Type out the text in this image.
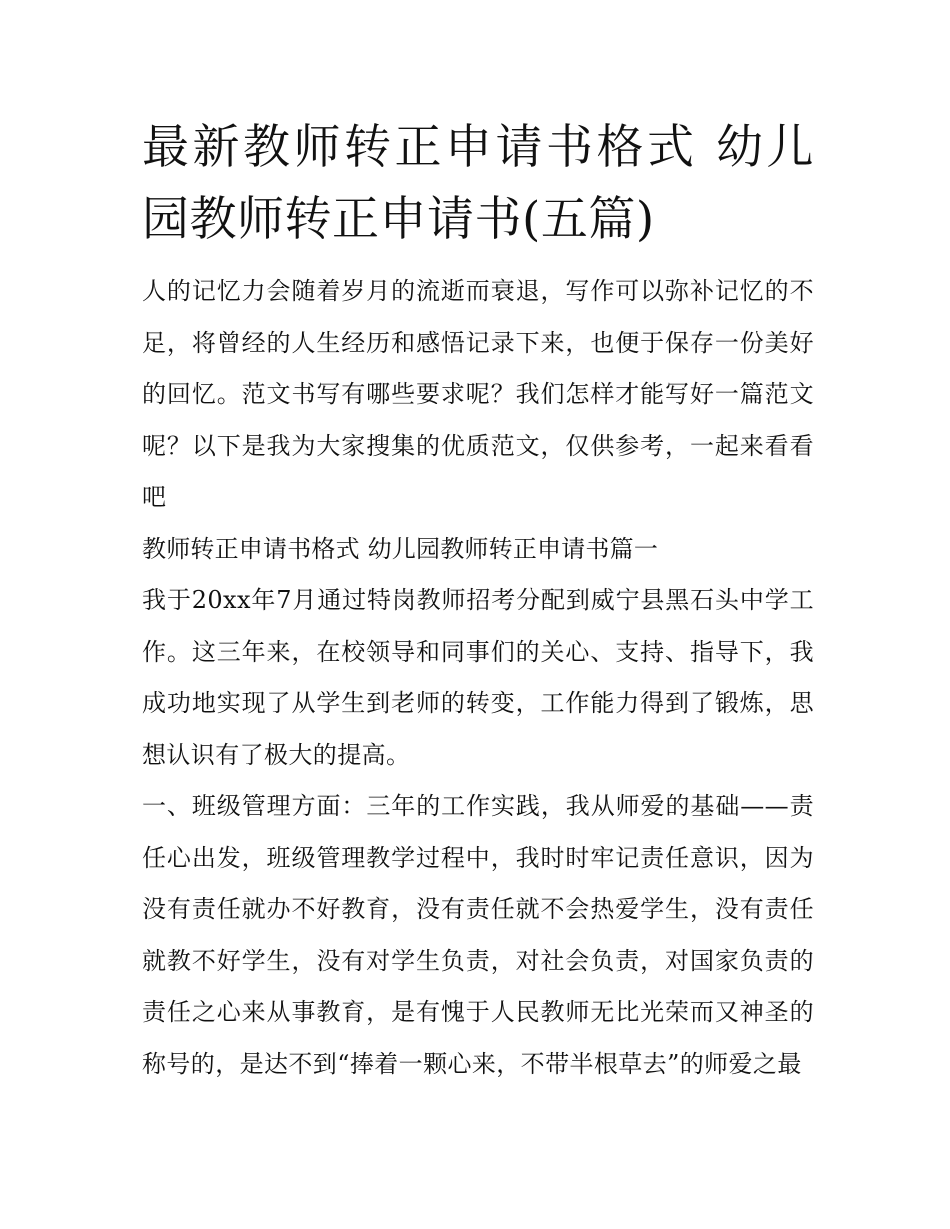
最新教师转正申请书格式 幼儿园教师转正申请书(五篇)

人的记忆力会随着岁月的流逝而衰退，写作可以弥补记忆的不足，将曾经的人生经历和感悟记录下来，也便于保存一份美好的回忆。范文书写有哪些要求呢？我们怎样才能写好一篇范文呢？以下是我为大家搜集的优质范文，仅供参考，一起来看看吧

教师转正申请书格式 幼儿园教师转正申请书篇一

我于20xx年7月通过特岗教师招考分配到威宁县黑石头中学工作。这三年来，在校领导和同事们的关心、支持、指导下，我成功地实现了从学生到老师的转变，工作能力得到了锻炼，思想认识有了极大的提高。

一、班级管理方面：三年的工作实践，我从师爱的基础——责任心出发，班级管理教学过程中，我时时牢记责任意识，因为没有责任就办不好教育，没有责任就不会热爱学生，没有责任就教不好学生，没有对学生负责，对社会负责，对国家负责的责任之心来从事教育，是有愧于人民教师无比光荣而又神圣的称号的，是达不到“捧着一颗心来，不带半根草去”的师爱之最
